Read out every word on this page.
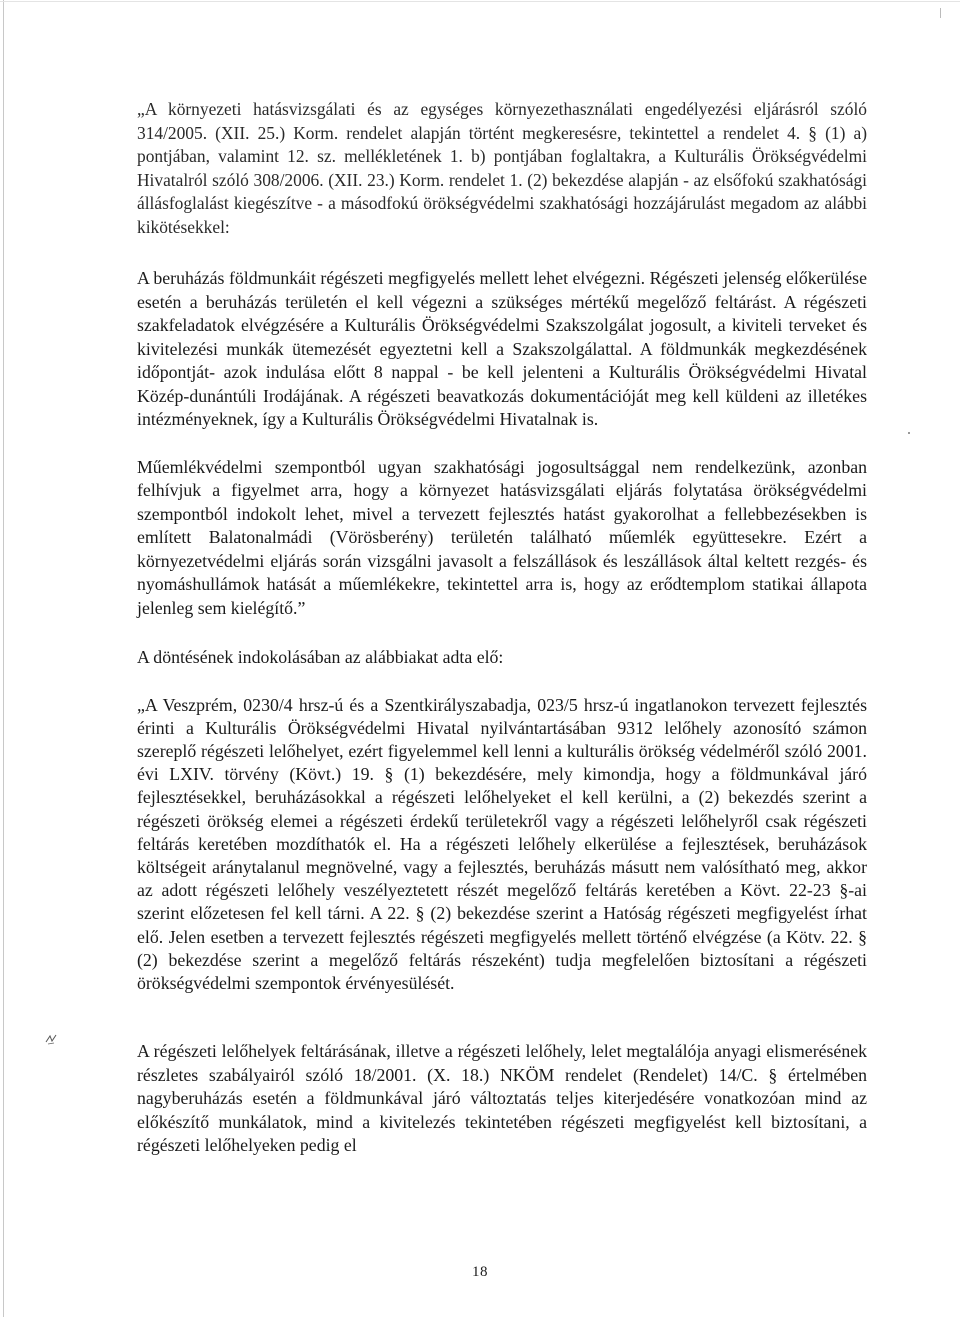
„A környezeti hatásvizsgálati és az egységes környezethasználati engedélyezési eljárásról szóló 314/2005. (XII. 25.) Korm. rendelet alapján történt megkeresésre, tekintettel a rendelet 4. § (1) a) pontjában, valamint 12. sz. mellékletének 1. b) pontjában foglaltakra, a Kulturális Örökségvédelmi Hivatalról szóló 308/2006. (XII. 23.) Korm. rendelet 1. (2) bekezdése alapján - az elsőfokú szakhatósági állásfoglalást kiegészítve - a másodfokú örökségvédelmi szakhatósági hozzájárulást megadom az alábbi kikötésekkel:

A beruházás földmunkáit régészeti megfigyelés mellett lehet elvégezni. Régészeti jelenség előkerülése esetén a beruházás területén el kell végezni a szükséges mértékű megelőző feltárást. A régészeti szakfeladatok elvégzésére a Kulturális Örökségvédelmi Szakszolgálat jogosult, a kiviteli terveket és kivitelezési munkák ütemezését egyeztetni kell a Szakszolgálattal. A földmunkák megkezdésének időpontját- azok indulása előtt 8 nappal - be kell jelenteni a Kulturális Örökségvédelmi Hivatal Közép-dunántúli Irodájának. A régészeti beavatkozás dokumentációját meg kell küldeni az illetékes intézményeknek, így a Kulturális Örökségvédelmi Hivatalnak is.

Műemlékvédelmi szempontból ugyan szakhatósági jogosultsággal nem rendelkezünk, azonban felhívjuk a figyelmet arra, hogy a környezet hatásvizsgálati eljárás folytatása örökségvédelmi szempontból indokolt lehet, mivel a tervezett fejlesztés hatást gyakorolhat a fellebbezésekben is említett Balatonalmádi (Vörösberény) területén található műemlék együttesekre. Ezért a környezetvédelmi eljárás során vizsgálni javasolt a felszállások és leszállások által keltett rezgés- és nyomáshullámok hatását a műemlékekre, tekintettel arra is, hogy az erődtemplom statikai állapota jelenleg sem kielégítő.”

A döntésének indokolásában az alábbiakat adta elő:

„A Veszprém, 0230/4 hrsz-ú és a Szentkirályszabadja, 023/5 hrsz-ú ingatlanokon tervezett fejlesztés érinti a Kulturális Örökségvédelmi Hivatal nyilvántartásában 9312 lelőhely azonosító számon szereplő régészeti lelőhelyet, ezért figyelemmel kell lenni a kulturális örökség védelméről szóló 2001. évi LXIV. törvény (Kövt.) 19. § (1) bekezdésére, mely kimondja, hogy a földmunkával járó fejlesztésekkel, beruházásokkal a régészeti lelőhelyeket el kell kerülni, a (2) bekezdés szerint a régészeti örökség elemei a régészeti érdekű területekről vagy a régészeti lelőhelyről csak régészeti feltárás keretében mozdíthatók el. Ha a régészeti lelőhely elkerülése a fejlesztések, beruházások költségeit aránytalanul megnövelné, vagy a fejlesztés, beruházás másutt nem valósítható meg, akkor az adott régészeti lelőhely veszélyeztetett részét megelőző feltárás keretében a Kövt. 22-23 §-ai szerint előzetesen fel kell tárni. A 22. § (2) bekezdése szerint a Hatóság régészeti megfigyelést írhat elő. Jelen esetben a tervezett fejlesztés régészeti megfigyelés mellett történő elvégzése (a Kötv. 22. § (2) bekezdése szerint a megelőző feltárás részeként) tudja megfelelően biztosítani a régészeti örökségvédelmi szempontok érvényesülését.

A régészeti lelőhelyek feltárásának, illetve a régészeti lelőhely, lelet megtalálója anyagi elismerésének részletes szabályairól szóló 18/2001. (X. 18.) NKÖM rendelet (Rendelet) 14/C. § értelmében nagyberuházás esetén a földmunkával járó változtatás teljes kiterjedésére vonatkozóan mind az előkészítő munkálatok, mind a kivitelezés tekintetében régészeti megfigyelést kell biztosítani, a régészeti lelőhelyeken pedig el

18
